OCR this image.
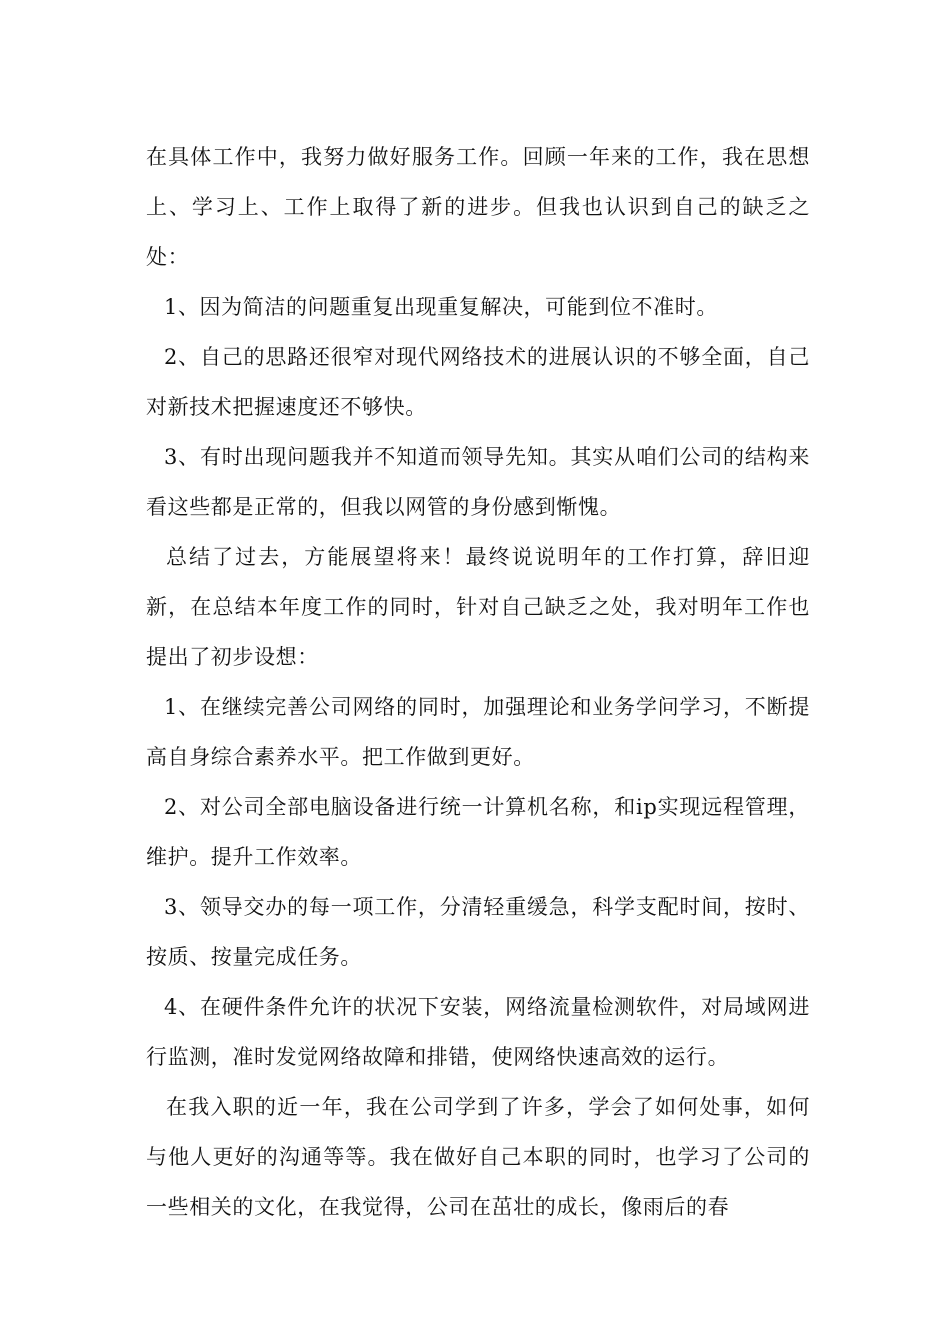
在具体工作中，我努力做好服务工作。回顾一年来的工作，我在思想上、学习上、工作上取得了新的进步。但我也认识到自己的缺乏之处：

1、因为简洁的问题重复出现重复解决，可能到位不准时。

2、自己的思路还很窄对现代网络技术的进展认识的不够全面，自己对新技术把握速度还不够快。

3、有时出现问题我并不知道而领导先知。其实从咱们公司的结构来看这些都是正常的，但我以网管的身份感到惭愧。

总结了过去，方能展望将来！最终说说明年的工作打算，辞旧迎新，在总结本年度工作的同时，针对自己缺乏之处，我对明年工作也提出了初步设想：

1、在继续完善公司网络的同时，加强理论和业务学问学习，不断提高自身综合素养水平。把工作做到更好。

2、对公司全部电脑设备进行统一计算机名称，和ip实现远程管理，维护。提升工作效率。

3、领导交办的每一项工作，分清轻重缓急，科学支配时间，按时、按质、按量完成任务。

4、在硬件条件允许的状况下安装，网络流量检测软件，对局域网进行监测，准时发觉网络故障和排错，使网络快速高效的运行。

在我入职的近一年，我在公司学到了许多，学会了如何处事，如何与他人更好的沟通等等。我在做好自己本职的同时，也学习了公司的一些相关的文化，在我觉得，公司在茁壮的成长，像雨后的春
